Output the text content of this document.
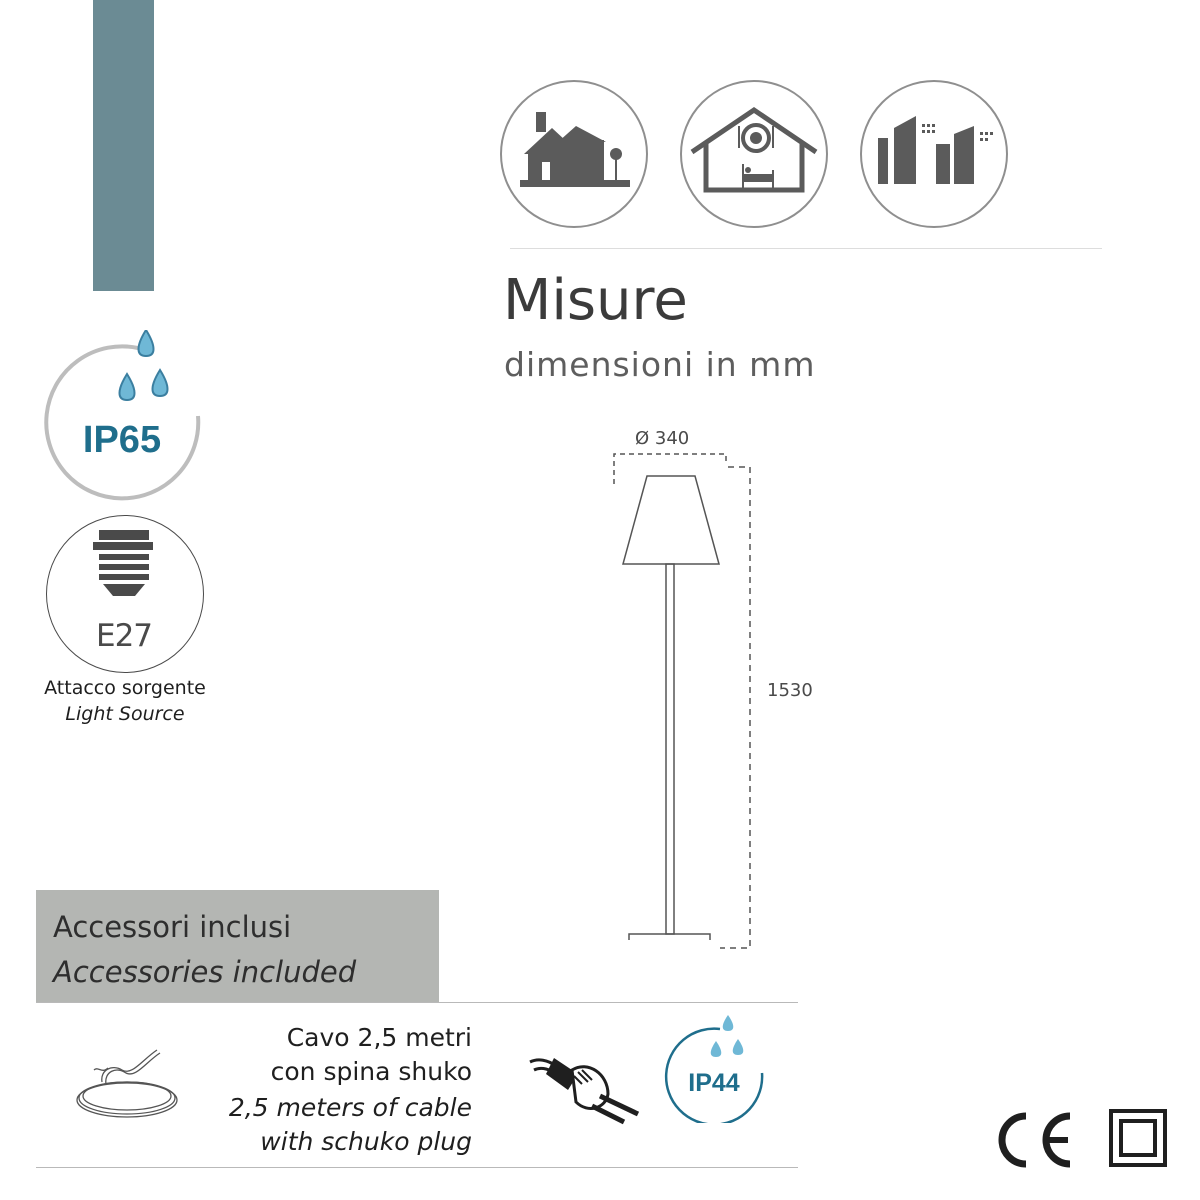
Misure
dimensioni in mm
IP65
E27
Attacco sorgente
Light Source
Ø 340
1530
Accessori inclusi
Accessories included
Cavo 2,5 metri
con spina shuko
2,5 meters of cable
with schuko plug
IP44
